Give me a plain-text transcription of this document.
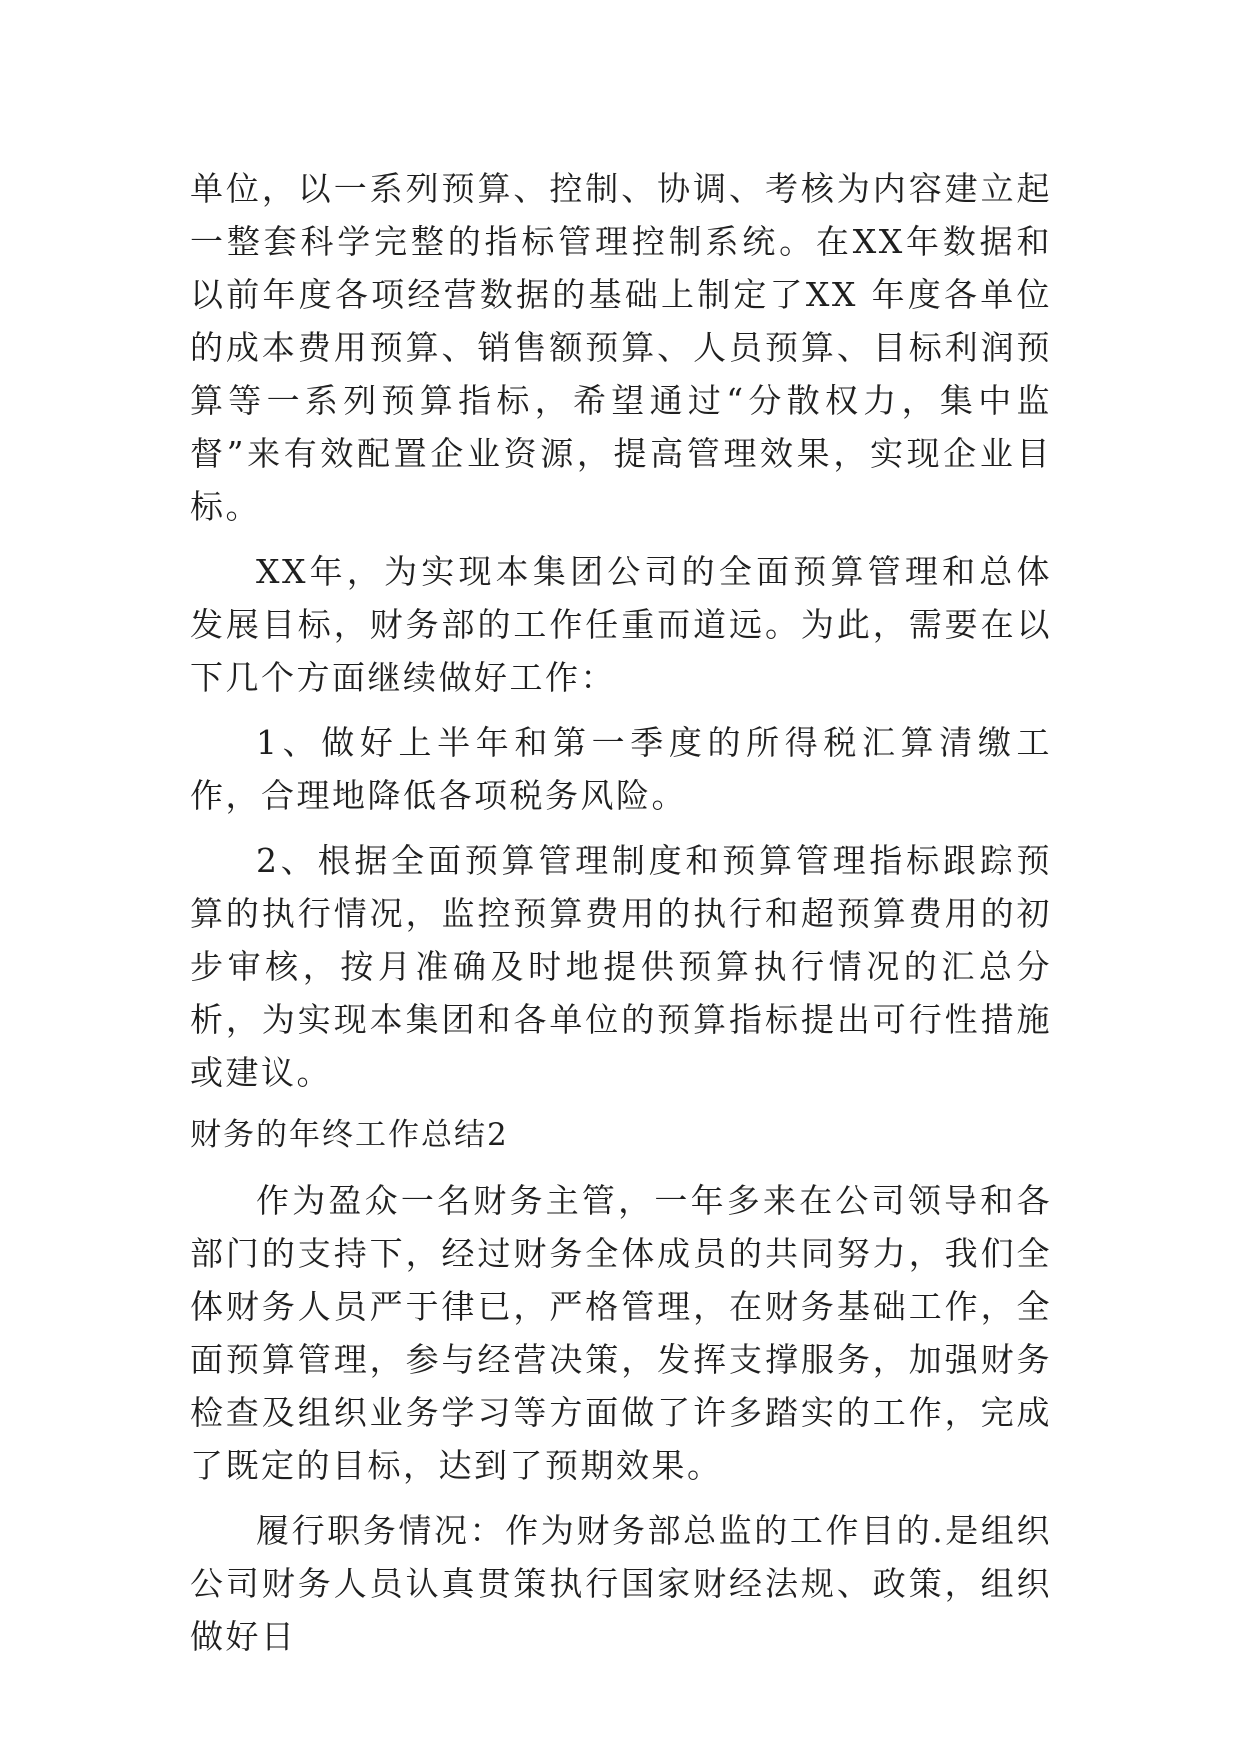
单位，以一系列预算、控制、协调、考核为内容建立起一整套科学完整的指标管理控制系统。在XX年数据和以前年度各项经营数据的基础上制定了XX 年度各单位的成本费用预算、销售额预算、人员预算、目标利润预算等一系列预算指标，希望通过“分散权力，集中监督”来有效配置企业资源，提高管理效果，实现企业目标。

XX年，为实现本集团公司的全面预算管理和总体发展目标，财务部的工作任重而道远。为此，需要在以下几个方面继续做好工作：

1、做好上半年和第一季度的所得税汇算清缴工作，合理地降低各项税务风险。

2、根据全面预算管理制度和预算管理指标跟踪预算的执行情况，监控预算费用的执行和超预算费用的初步审核，按月准确及时地提供预算执行情况的汇总分析，为实现本集团和各单位的预算指标提出可行性措施或建议。

财务的年终工作总结2

作为盈众一名财务主管，一年多来在公司领导和各部门的支持下，经过财务全体成员的共同努力，我们全体财务人员严于律已，严格管理，在财务基础工作，全面预算管理，参与经营决策，发挥支撑服务，加强财务检查及组织业务学习等方面做了许多踏实的工作，完成了既定的目标，达到了预期效果。

履行职务情况：作为财务部总监的工作目的.是组织公司财务人员认真贯策执行国家财经法规、政策，组织做好日
